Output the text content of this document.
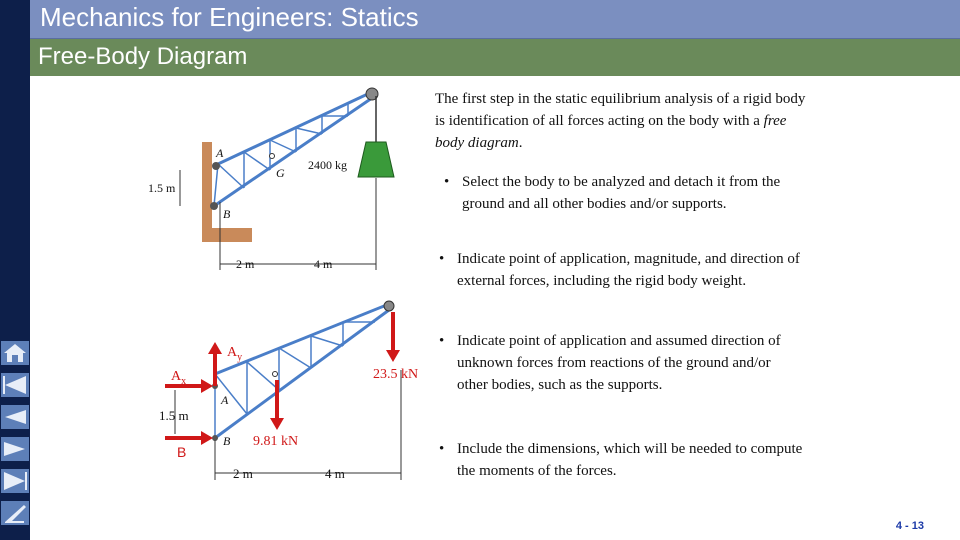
Mechanics for Engineers: Statics
Free-Body Diagram
A
B
G
2400 kg
1.5 m
2 m	4 m
$A_y$
$A_x$
B
A
B 9.81 kN
23.5 kN
1.5 m
2 m	4 m

The first step in the static equilibrium analysis of a rigid body is identification of all forces acting on the body with a free body diagram.

• Select the body to be analyzed and detach it from the ground and all other bodies and/or supports.
• Indicate point of application, magnitude, and direction of external forces, including the rigid body weight.
• Indicate point of application and assumed direction of unknown forces from reactions of the ground and/or other bodies, such as the supports.
• Include the dimensions, which will be needed to compute the moments of the forces.
4 - 13
